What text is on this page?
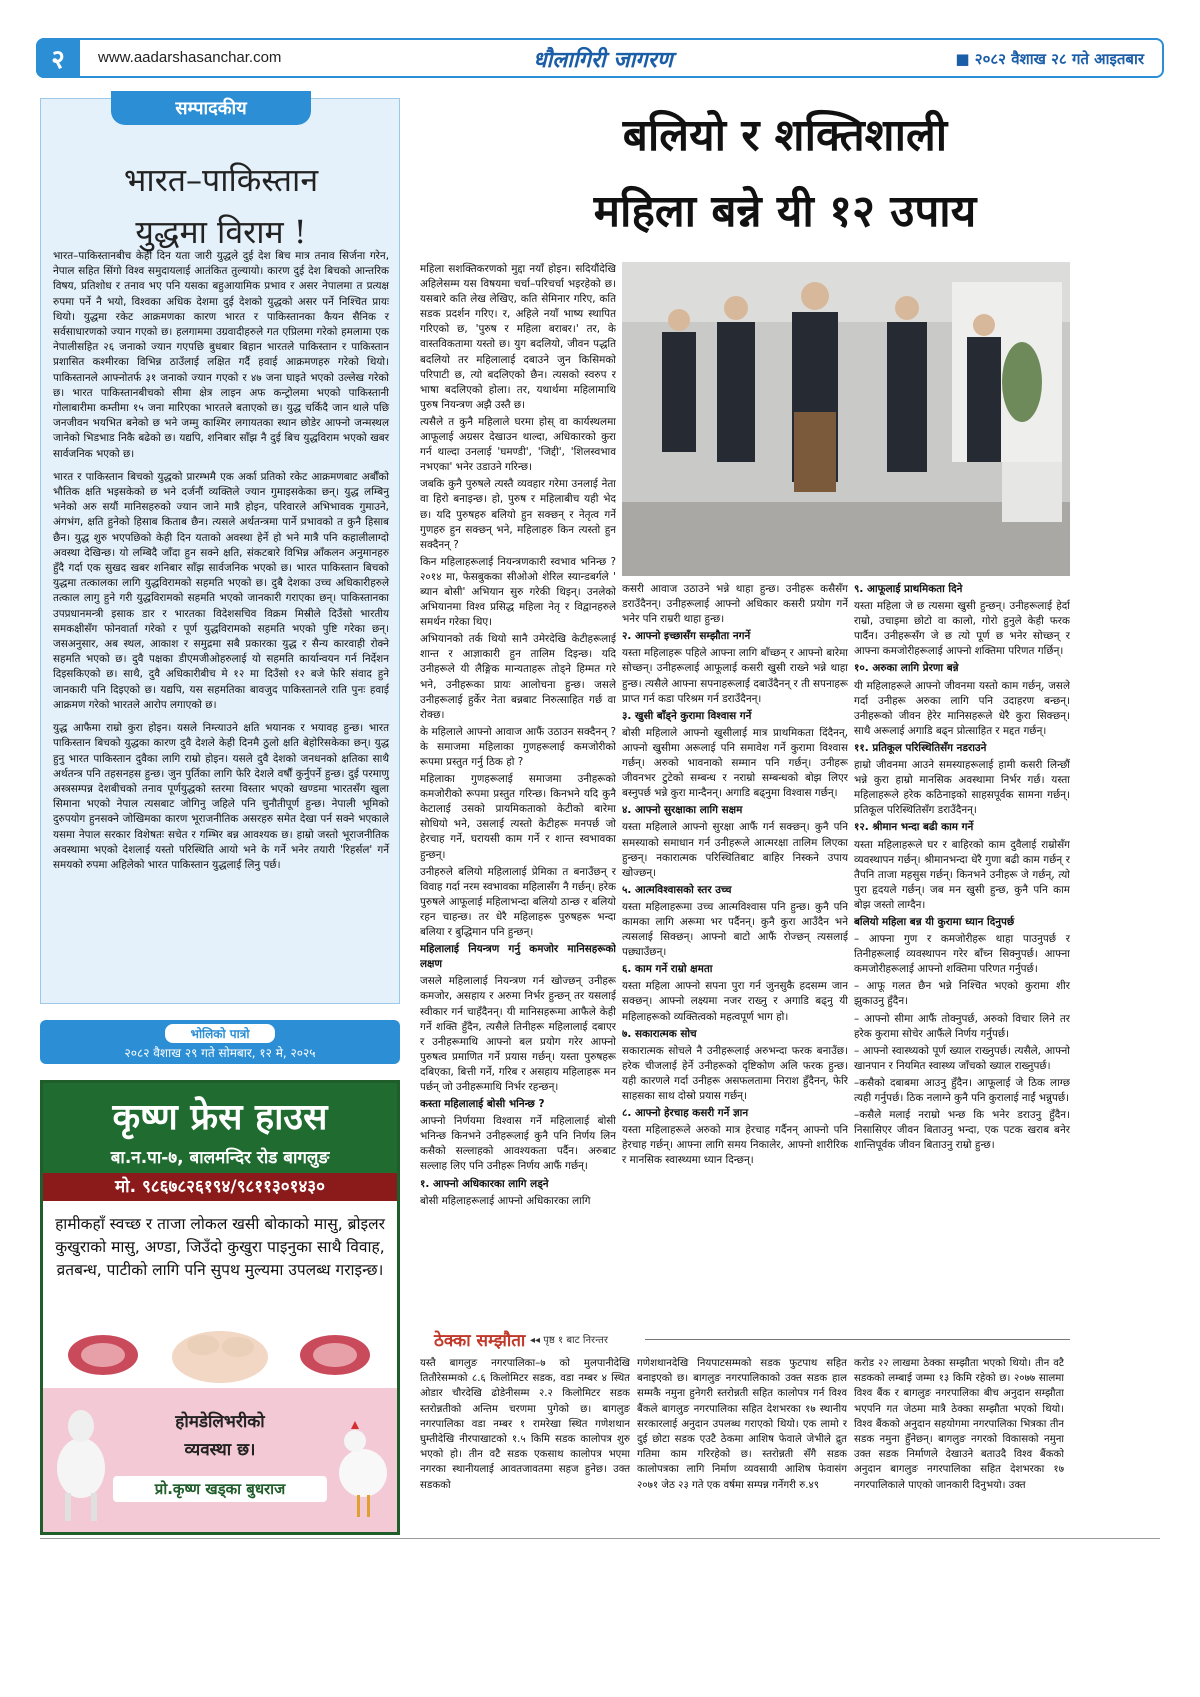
२	www.aadarshasanchar.com	धौलागिरी जागरण	■ २०८२ वैशाख २८ गते आइतबार
सम्पादकीय
भारत–पाकिस्तान
युद्धमा विराम !

भारत–पाकिस्तानबीच केही दिन यता जारी युद्धले दुई देश बिच मात्र तनाव सिर्जना गरेन, नेपाल सहित सिंगो विश्व समुदायलाई आतंकित तुल्यायो। कारण दुई देश बिचको आन्तरिक विषय, प्रतिशोध र तनाव भए पनि यसका बहुआयामिक प्रभाव र असर नेपालमा त प्रत्यक्ष रुपमा पर्ने नै भयो, विश्वका अधिक देशमा दुई देशको युद्धको असर पर्ने निश्चित प्रायः थियो। युद्धमा रकेट आक्रमणका कारण भारत र पाकिस्तानका कैयन सैनिक र सर्वसाधारणको ज्यान गएको छ। हलगाममा उग्रवादीहरुले गत एप्रिलमा गरेको हमलामा एक नेपालीसहित २६ जनाको ज्यान गएपछि बुधबार बिहान भारतले पाकिस्तान र पाकिस्तान प्रशासित कश्मीरका विभिन्न ठाउँलाई लक्षित गर्दै हवाई आक्रमणहरु गरेको थियो। पाकिस्तानले आफ्नोतर्फ ३१ जनाको ज्यान गएको र ४७ जना घाइते भएको उल्लेख गरेको छ। भारत पाकिस्तानबीचको सीमा क्षेत्र लाइन अफ कन्ट्रोलमा भएको पाकिस्तानी गोलाबारीमा कम्तीमा १५ जना मारिएका भारतले बताएको छ। युद्ध चर्किदै जान थाले पछि जनजीवन भयभित बनेको छ भने जम्मु काश्मिर लगायतका स्थान छोडेर आफ्नो जन्मस्थल जानेको भिडभाड निकै बढेको छ। यद्यपि, शनिबार साँझ नै दुई बिच युद्धविराम भएको खबर सार्वजनिक भएको छ।

भारत र पाकिस्तान बिचको युद्धको प्रारम्भमै एक अर्का प्रतिको रकेट आक्रमणबाट अर्बौंको भौतिक क्षति भइसकेको छ भने दर्जनौं व्यक्तिले ज्यान गुमाइसकेका छन्। युद्ध लम्बिनु भनेको अरु सयौं मानिसहरुको ज्यान जाने मात्रै होइन, परिवारले अभिभावक गुमाउने, अंगभंग, क्षति हुनेको हिसाब किताब छैन। त्यसले अर्थतन्त्रमा पार्ने प्रभावको त कुनै हिसाब छैन। युद्ध शुरु भएपछिको केही दिन यताको अवस्था हेर्ने हो भने मात्रै पनि कहालीलाग्दो अवस्था देखिन्छ। यो लम्बिदै जाँदा हुन सक्ने क्षति, संकटबारे विभिन्न आँकलन अनुमानहरु हुँदै गर्दा एक सुखद खबर शनिबार साँझ सार्वजनिक भएको छ। भारत पाकिस्तान बिचको युद्धमा तत्कालका लागि युद्धविरामको सहमति भएको छ। दुबै देशका उच्च अधिकारीहरुले तत्काल लागु हुने गरी युद्धविरामको सहमति भएको जानकारी गराएका छन्। पाकिस्तानका उपप्रधानमन्त्री इसाक डार र भारतका विदेशसचिव विक्रम मिस्रीले दिउँसो भारतीय समकक्षीसँग फोनवार्ता गरेको र पूर्ण युद्धविरामको सहमति भएको पुष्टि गरेका छन्। जसअनुसार, अब स्थल, आकाश र समुद्रमा सबै प्रकारका युद्ध र सैन्य कारवाही रोक्ने सहमति भएको छ। दुवै पक्षका डीएमजीओहरुलाई यो सहमति कार्यान्वयन गर्न निर्देशन दिइसकिएको छ। साथै, दुवै अधिकारीबीच मे १२ मा दिउँसो १२ बजे फेरि संवाद हुने जानकारी पनि दिइएको छ। यद्यपि, यस सहमतिका बावजुद पाकिस्तानले राति पुनः हवाई आक्रमण गरेको भारतले आरोप लगाएको छ।

युद्ध आफैमा राम्रो कुरा होइन। यसले निम्त्याउने क्षति भयानक र भयावह हुन्छ। भारत पाकिस्तान बिचको युद्धका कारण दुवै देशले केही दिनमै ठुलो क्षति बेहोरिसकेका छन्। युद्ध हुनु भारत पाकिस्तान दुवैका लागि राम्रो होइन। यसले दुवै देशको जनधनको क्षतिका साथै अर्थतन्त्र पनि तहसनहस हुन्छ। जुन पुर्तिका लागि फेरि देशले वर्षौं कुर्नुपर्ने हुन्छ। दुई परमाणु अस्त्रसम्पन्न देशबीचको तनाव पूर्णयुद्धको स्तरमा विस्तार भएको खण्डमा भारतसँग खुला सिमाना भएको नेपाल त्यसबाट जोगिनु जहिले पनि चुनौतीपूर्ण हुन्छ। नेपाली भूमिको दुरुपयोग हुनसक्ने जोखिमका कारण भूराजनीतिक असरहरु समेत देखा पर्न सक्ने भएकाले यसमा नेपाल सरकार विशेषतः सचेत र गम्भिर बन्न आवश्यक छ। हाम्रो जस्तो भूराजनीतिक अवस्थामा भएको देशलाई यस्तो परिस्थिति आयो भने के गर्ने भनेर तयारी 'रिहर्सल' गर्ने समयको रुपमा अहिलेको भारत पाकिस्तान युद्धलाई लिनु पर्छ।

भोलिको पात्रो
२०८२ वैशाख २९ गते सोमबार, १२ मे, २०२५
कृष्ण फ्रेस हाउस
बा.न.पा-७, बालमन्दिर रोड बागलुङ
मो. ९८६७८२६१९४/९८११३०१४३०
हामीकहाँ स्वच्छ र ताजा लोकल खसी बोकाको मासु, ब्रोइलर कुखुराको मासु, अण्डा, जिउँदो कुखुरा पाइनुका साथै विवाह, व्रतबन्ध, पाटीको लागि पनि सुपथ मुल्यमा उपलब्ध गराइन्छ।
होमडेलिभरीको
व्यवस्था छ।
प्रो.कृष्ण खड्का बुधराज
बलियो र शक्तिशाली
महिला बन्ने यी १२ उपाय

महिला सशक्तिकरणको मुद्दा नयाँ होइन। सदियौंदेखि अहिलेसम्म यस विषयमा चर्चा–परिचर्चा भइरहेको छ। यसबारे कति लेख लेखिए, कति सेमिनार गरिए, कति सडक प्रदर्शन गरिए। र, अहिले नयाँ भाष्य स्थापित गरिएको छ, 'पुरुष र महिला बराबर।' तर, के वास्तविकतामा यस्तो छ। युग बदलियो, जीवन पद्धति बदलियो तर महिलालाई दबाउने जुन किसिमको परिपाटी छ, त्यो बदलिएको छैन। त्यसको स्वरुप र भाषा बदलिएको होला। तर, यथार्थमा महिलामाथि पुरुष नियन्त्रण अझै उस्तै छ।

त्यसैले त कुनै महिलाले घरमा होस् वा कार्यस्थलमा आफूलाई अग्रसर देखाउन थाल्दा, अधिकारको कुरा गर्न थाल्दा उनलाई 'घमण्डी', 'जिद्दी', 'शिलस्वभाव नभएका' भनेर उडाउने गरिन्छ।

जबकि कुनै पुरुषले त्यस्तै व्यवहार गरेमा उनलाई नेता वा हिरो बनाइन्छ। हो, पुरुष र महिलाबीच यही भेद छ। यदि पुरुषहरु बलियो हुन सक्छन् र नेतृत्व गर्ने गुणहरु हुन सक्छन् भने, महिलाहरु किन त्यस्तो हुन सक्दैनन् ?

किन महिलाहरूलाई नियन्त्रणकारी स्वभाव भनिन्छ ? २०१४ मा, फेसबुकका सीओओ शेरिल स्यान्डबर्गले ' ब्यान बोसी' अभियान सुरु गरेकी थिइन्। उनलेको अभियानमा विश्व प्रसिद्ध महिला नेतृ र विद्वानहरुले समर्थन गरेका थिए।

अभियानको तर्क थियो सानै उमेरदेखि केटीहरूलाई शान्त र आज्ञाकारी हुन तालिम दिइन्छ। यदि उनीहरूले यी लैङ्गिक मान्यताहरू तोड्ने हिम्मत गरे भने, उनीहरूका प्रायः आलोचना हुन्छ। जसले उनीहरूलाई हुर्केर नेता बन्नबाट निरुत्साहित गर्छ वा रोक्छ।

के महिलाले आफ्नो आवाज आफैं उठाउन सक्दैनन् ? के समाजमा महिलाका गुणहरूलाई कमजोरीको रूपमा प्रस्तुत गर्नु ठिक हो ?

महिलाका गुणहरूलाई समाजमा उनीहरूको कमजोरीको रूपमा प्रस्तुत गरिन्छ। किनभने यदि कुनै केटालाई उसको प्रायमिकताको केटीको बारेमा सोधियो भने, उसलाई त्यस्तो केटीहरू मनपर्छ जो हेरचाह गर्ने, घरायसी काम गर्ने र शान्त स्वभावका हुन्छन्।

उनीहरुले बलियो महिलालाई प्रेमिका त बनाउँछन् र विवाह गर्दा नरम स्वभावका महिलासँग नै गर्छन्। हरेक पुरुषले आफूलाई महिलाभन्दा बलियो ठान्छ र बलियो रहन चाहन्छ। तर धेरै महिलाहरू पुरुषहरू भन्दा बलिया र बुद्धिमान पनि हुन्छन्।

महिलालाई नियन्त्रण गर्नु कमजोर मानिसहरूको लक्षण

जसले महिलालाई नियन्त्रण गर्न खोज्छन् उनीहरू कमजोर, असहाय र अरुमा निर्भर हुन्छन् तर यसलाई स्वीकार गर्न चाहँदैनन्। यी मानिसहरूमा आफैले केही गर्ने शक्ति हुँदैन, त्यसैले तिनीहरू महिलालाई दबाएर र उनीहरूमाथि आफ्नो बल प्रयोग गरेर आफ्नो पुरुषत्व प्रमाणित गर्ने प्रयास गर्छन्। यस्ता पुरुषहरू दबिएका, बित्ती गर्ने, गरिब र असहाय महिलाहरू मन पर्छन् जो उनीहरूमाथि निर्भर रहन्छन्।

कस्ता महिलालाई बोसी भनिन्छ ?

आफ्नो निर्णयमा विश्वास गर्ने महिलालाई बोसी भनिन्छ किनभने उनीहरूलाई कुनै पनि निर्णय लिन कसैको सल्लाहको आवश्यकता पर्दैन। अरुबाट सल्लाह लिए पनि उनीहरू निर्णय आफैं गर्छन्।

१. आफ्नो अधिकारका लागि लड्ने

बोसी महिलाहरूलाई आफ्नो अधिकारका लागि

कसरी आवाज उठाउने भन्ने थाहा हुन्छ। उनीहरू कसैसँग डराउँदैनन्। उनीहरूलाई आफ्नो अधिकार कसरी प्रयोग गर्ने भनेर पनि राम्ररी थाहा हुन्छ।

२. आफ्नो इच्छासँग सम्झौता नगर्ने

यस्ता महिलाहरू पहिले आफ्ना लागि बाँच्छन् र आफ्नो बारेमा सोच्छन्। उनीहरूलाई आफूलाई कसरी खुसी राख्ने भन्ने थाहा हुन्छ। त्यसैले आफ्ना सपनाहरूलाई दबाउँदैनन् र ती सपनाहरू प्राप्त गर्न कडा परिश्रम गर्न डराउँदैनन्।

३. खुसी बाँड्ने कुरामा विश्वास गर्ने

बोसी महिलाले आफ्नो खुसीलाई मात्र प्राथमिकता दिंदैनन्, आफ्नो खुसीमा अरूलाई पनि समावेश गर्ने कुरामा विश्वास गर्छन्। अरुको भावनाको सम्मान पनि गर्छन्। उनीहरू जीवनभर टुटेको सम्बन्ध र नराम्रो सम्बन्धको बोझ लिएर बस्नुपर्छ भन्ने कुरा मान्दैनन्। अगाडि बढ्नुमा विश्वास गर्छन्।

४. आफ्नो सुरक्षाका लागि सक्षम

यस्ता महिलाले आफ्नो सुरक्षा आफैं गर्न सक्छन्। कुनै पनि समस्याको समाधान गर्न उनीहरूले आत्मरक्षा तालिम लिएका हुन्छन्। नकारात्मक परिस्थितिबाट बाहिर निस्कने उपाय खोज्छन्।

५. आत्मविश्वासको स्तर उच्च

यस्ता महिलाहरूमा उच्च आत्मविश्वास पनि हुन्छ। कुनै पनि कामका लागि अरूमा भर पर्दैनन्। कुनै कुरा आउँदैन भने त्यसलाई सिक्छन्। आफ्नो बाटो आफैं रोज्छन् त्यसलाई पछ्याउँछन्।

६. काम गर्ने राम्रो क्षमता

यस्ता महिला आफ्नो सपना पुरा गर्न जुनसुकै हदसम्म जान सक्छन्। आफ्नो लक्ष्यमा नजर राख्नु र अगाडि बढ्नु यी महिलाहरूको व्यक्तित्वको महत्वपूर्ण भाग हो।

७. सकारात्मक सोच

सकारात्मक सोचले नै उनीहरूलाई अरुभन्दा फरक बनाउँछ। हरेक चीजलाई हेर्ने उनीहरूको दृष्टिकोण अलि फरक हुन्छ। यही कारणले गर्दा उनीहरू असफलतामा निराश हुँदैनन्, फेरि साहसका साथ दोस्रो प्रयास गर्छन्।

८. आफ्नो हेरचाह कसरी गर्ने ज्ञान

यस्ता महिलाहरूले अरुको मात्र हेरचाह गर्दैनन् आफ्नो पनि हेरचाह गर्छन्। आफ्ना लागि समय निकालेर, आफ्नो शारीरिक र मानसिक स्वास्थ्यमा ध्यान दिन्छन्।

९. आफूलाई प्राथमिकता दिने

यस्ता महिला जे छ त्यसमा खुसी हुन्छन्। उनीहरूलाई हेर्दा राम्रो, उचाइमा छोटो वा कालो, गोरो हुनुले केही फरक पार्दैन। उनीहरूसँग जे छ त्यो पूर्ण छ भनेर सोच्छन् र आफ्ना कमजोरीहरूलाई आफ्नो शक्तिमा परिणत गर्छिन्।

१०. अरुका लागि प्रेरणा बन्ने

यी महिलाहरूले आफ्नो जीवनमा यस्तो काम गर्छन्, जसले गर्दा उनीहरू अरुका लागि पनि उदाहरण बन्छन्। उनीहरूको जीवन हेरेर मानिसहरूले धेरै कुरा सिक्छन्। साथै अरूलाई अगाडि बढ्न प्रोत्साहित र मद्दत गर्छन्।

११. प्रतिकूल परिस्थितिसँग नडराउने

हाम्रो जीवनमा आउने समस्याहरूलाई हामी कसरी लिन्छौं भन्ने कुरा हाम्रो मानसिक अवस्थामा निर्भर गर्छ। यस्ता महिलाहरूले हरेक कठिनाइको साहसपूर्वक सामना गर्छन्। प्रतिकूल परिस्थितिसँग डराउँदैनन्।

१२. श्रीमान भन्दा बढी काम गर्ने

यस्ता महिलाहरूले घर र बाहिरको काम दुवैलाई राम्रोसँग व्यवस्थापन गर्छन्। श्रीमानभन्दा धेरै गुणा बढी काम गर्छन् र तैपनि ताजा महसुस गर्छन्। किनभने उनीहरू जे गर्छन्, त्यो पुरा हृदयले गर्छन्। जब मन खुसी हुन्छ, कुनै पनि काम बोझ जस्तो लाग्दैन।

बलियो महिला बन्न यी कुरामा ध्यान दिनुपर्छ

– आफ्ना गुण र कमजोरीहरू थाहा पाउनुपर्छ र तिनीहरूलाई व्यवस्थापन गरेर बाँच्न सिक्नुपर्छ। आफ्ना कमजोरीहरूलाई आफ्नो शक्तिमा परिणत गर्नुपर्छ।

– आफू गलत छैन भन्ने निश्चित भएको कुरामा शीर झुकाउनु हुँदैन।

– आफ्नो सीमा आफैं तोक्नुपर्छ, अरुको विचार लिने तर हरेक कुरामा सोचेर आफैंले निर्णय गर्नुपर्छ।

– आफ्नो स्वास्थ्यको पूर्ण ख्याल राख्नुपर्छ। त्यसैले, आफ्नो खानपान र नियमित स्वास्थ्य जाँचको ख्याल राख्नुपर्छ।

–कसैको दबाबमा आउनु हुँदैन। आफूलाई जे ठिक लाग्छ त्यही गर्नुपर्छ। ठिक नलाग्ने कुनै पनि कुरालाई नाईं भन्नुपर्छ।

–कसैले मलाई नराम्रो भन्छ कि भनेर डराउनु हुँदैन। निसासिएर जीवन बिताउनु भन्दा, एक पटक खराब बनेर शान्तिपूर्वक जीवन बिताउनु राम्रो हुन्छ।

ठेक्का सम्झौता ◂◂ पृष्ठ १ बाट निरन्तर
यस्तै बागलुङ नगरपालिका–७ को मुलपानीदेखि तितौरेसम्मको ८.६ किलोमिटर सडक, वडा नम्बर ४ स्थित ओडार चौरदेखि ढोडेनीसम्म २.२ किलोमिटर सडक स्तरोन्नतीको अन्तिम चरणमा पुगेको छ। बागलुङ नगरपालिका वडा नम्बर १ रामरेखा स्थित गणेशथान घुम्तीदेखि नीरपाखाटको १.५ किमि सडक कालोपत्र शुरु भएको हो। तीन वटै सडक एकसाथ कालोपत्र भएमा नगरका स्थानीयलाई आवतजावतमा सहज हुनेछ। उक्त सडकको
गणेशथानदेखि नियपाटसम्मको सडक फुटपाथ सहित बनाइएको छ। बागलुङ नगरपालिकाको उक्त सडक हाल सम्मकै नमुना हुनेगरी स्तरोन्नती सहित कालोपत्र गर्न विश्व बैंकले बागलुङ नगरपालिका सहित देशभरका १७ स्थानीय सरकारलाई अनुदान उपलब्ध गराएको थियो। एक लामो र दुई छोटा सडक एउटै ठेकमा आशिष फेवाले जेभीले द्रुत गतिमा काम गरिरहेको छ। स्तरोन्नती सँगै सडक कालोपत्रका लागि निर्माण व्यवसायी आशिष फेवासंग २०७१ जेठ २३ गते एक वर्षमा सम्पन्न गर्नेगरी रु.४९
करोड २२ लाखमा ठेक्का सम्झौता भएको थियो। तीन वटै सडकको लम्बाई जम्मा १३ किमि रहेको छ। २०७७ सालमा विश्व बैंक र बागलुङ नगरपालिका बीच अनुदान सम्झौता भएपनि गत जेठमा मात्रै ठेक्का सम्झौता भएको थियो। विश्व बैंकको अनुदान सहयोगमा नगरपालिका भित्रका तीन सडक नमुना हुँनेछन्। बागलुङ नगरको विकासको नमुना उक्त सडक निर्माणले देखाउने बताउदै विश्व बैंकको अनुदान बागलुङ नगरपालिका सहित देशभरका १७ नगरपालिकाले पाएको जानकारी दिनुभयो। उक्त
